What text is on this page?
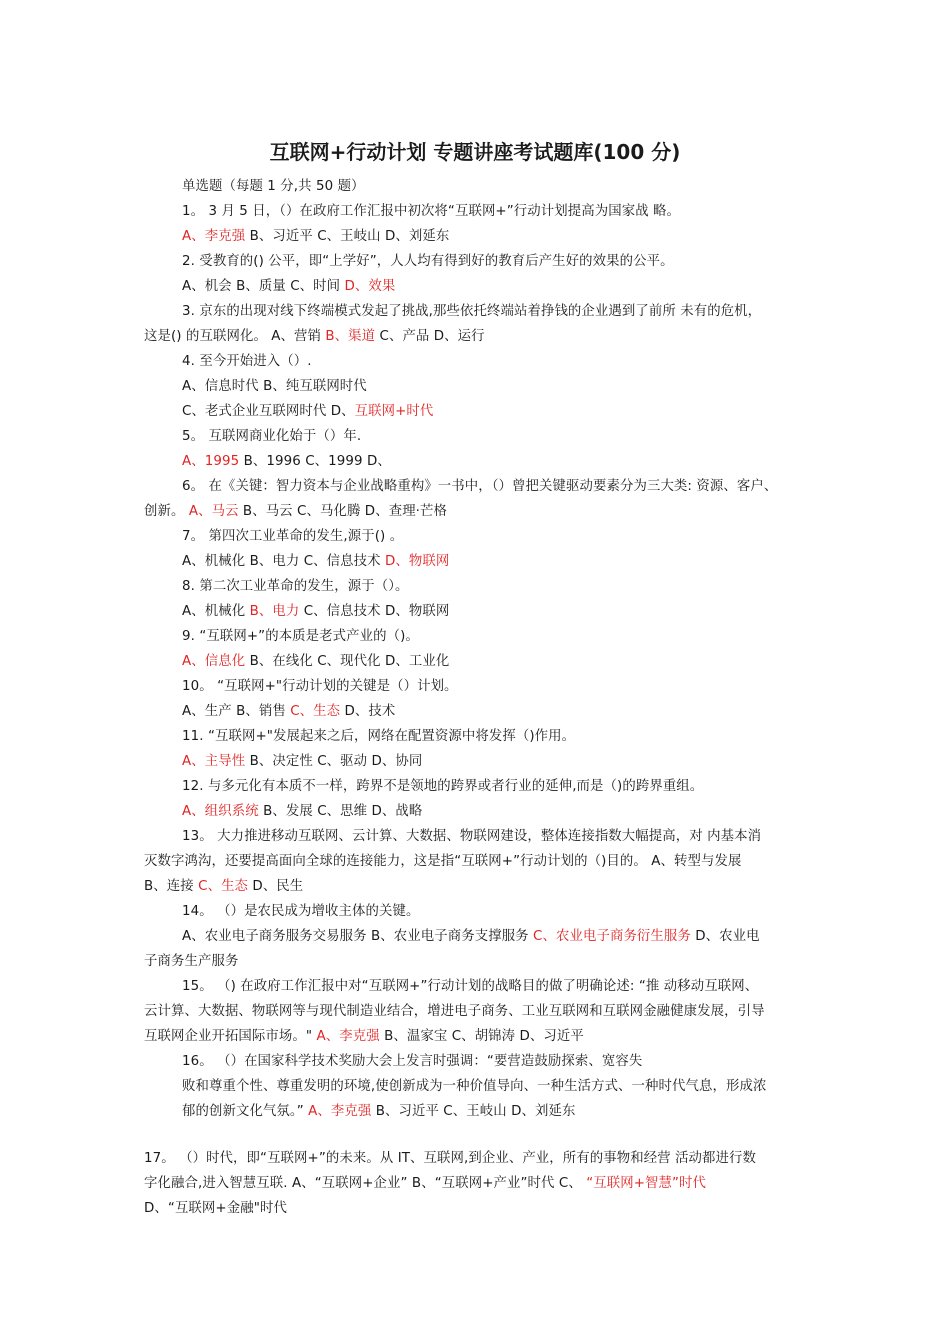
互联网+行动计划 专题讲座考试题库(100 分)
单选题（每题 1 分,共 50 题）
1。 3 月 5 日，（）在政府工作汇报中初次将“互联网+”行动计划提高为国家战 略。
A、李克强 B、习近平 C、王岐山 D、刘延东
2. 受教育的() 公平，即“上学好”，人人均有得到好的教育后产生好的效果的公平。
A、机会 B、质量 C、时间 D、效果
3. 京东的出现对线下终端模式发起了挑战,那些依托终端站着挣钱的企业遇到了前所 未有的危机，
这是() 的互联网化。 A、营销 B、渠道 C、产品 D、运行
4. 至今开始进入（）.
A、信息时代 B、纯互联网时代
C、老式企业互联网时代 D、互联网+时代
5。 互联网商业化始于（）年.
A、1995 B、1996 C、1999 D、
6。 在《关键：智力资本与企业战略重构》一书中，（）曾把关键驱动要素分为三大类: 资源、客户、
创新。 A、马云 B、马云 C、马化腾 D、查理·芒格
7。 第四次工业革命的发生,源于() 。
A、机械化 B、电力 C、信息技术 D、物联网
8. 第二次工业革命的发生，源于（）。
A、机械化 B、电力 C、信息技术 D、物联网
9. “互联网+”的本质是老式产业的（)。
A、信息化 B、在线化 C、现代化 D、工业化
10。 “互联网+"行动计划的关键是（）计划。
A、生产 B、销售 C、生态 D、技术
11. “互联网+"发展起来之后，网络在配置资源中将发挥（)作用。
A、主导性 B、决定性 C、驱动 D、协同
12. 与多元化有本质不一样，跨界不是领地的跨界或者行业的延伸,而是（)的跨界重组。
A、组织系统 B、发展 C、思维 D、战略
13。 大力推进移动互联网、云计算、大数据、物联网建设，整体连接指数大幅提高，对 内基本消
灭数字鸿沟，还要提高面向全球的连接能力，这是指“互联网+”行动计划的（)目的。 A、转型与发展
B、连接 C、生态 D、民生
14。 （）是农民成为增收主体的关键。
A、农业电子商务服务交易服务 B、农业电子商务支撑服务 C、农业电子商务衍生服务 D、农业电
子商务生产服务
15。 （) 在政府工作汇报中对“互联网+”行动计划的战略目的做了明确论述: “推 动移动互联网、
云计算、大数据、物联网等与现代制造业结合，增进电子商务、工业互联网和互联网金融健康发展，引导
互联网企业开拓国际市场。" A、李克强 B、温家宝 C、胡锦涛 D、习近平
16。 （）在国家科学技术奖励大会上发言时强调：“要营造鼓励探索、宽容失
败和尊重个性、尊重发明的环境,使创新成为一种价值导向、一种生活方式、一种时代气息，形成浓
郁的创新文化气氛。” A、李克强 B、习近平 C、王岐山 D、刘延东
17。 （）时代，即“互联网+”的未来。从 IT、互联网,到企业、产业，所有的事物和经营 活动都进行数
字化融合,进入智慧互联. A、“互联网+企业” B、“互联网+产业”时代 C、 “互联网+智慧”时代
D、“互联网+金融"时代
